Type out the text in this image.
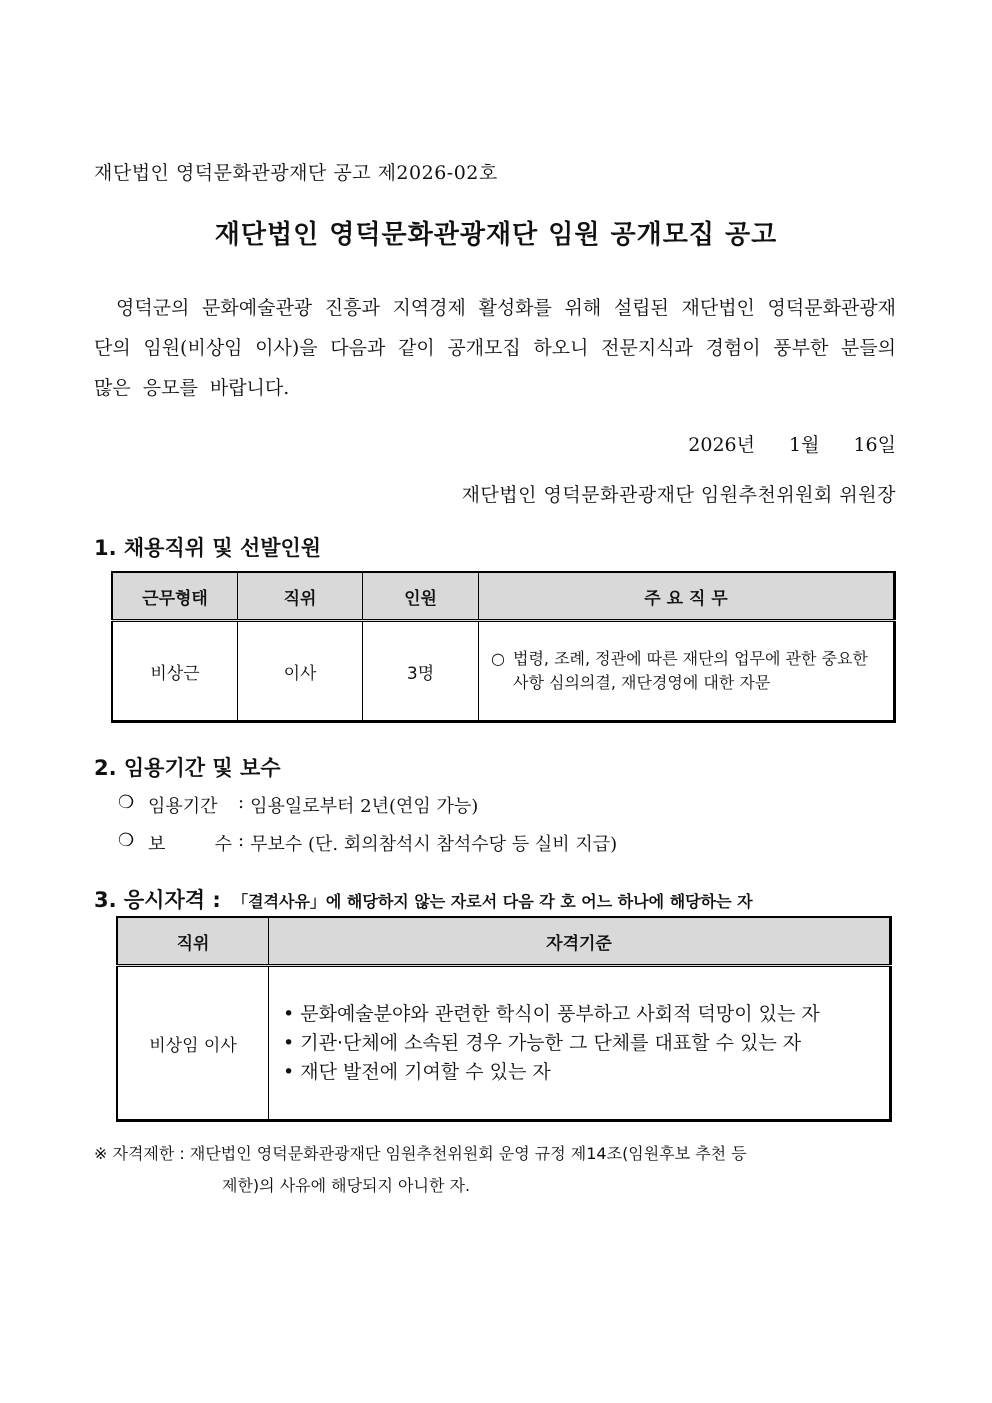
재단법인 영덕문화관광재단 공고 제2026-02호
재단법인 영덕문화관광재단 임원 공개모집 공고
영덕군의 문화예술관광 진흥과 지역경제 활성화를 위해 설립된 재단법인 영덕문화관광재단의 임원(비상임 이사)을 다음과 같이 공개모집 하오니 전문지식과 경험이 풍부한 분들의 많은 응모를 바랍니다.
2026년 1월 16일
재단법인 영덕문화관광재단 임원추천위원회 위원장
1. 채용직위 및 선발인원
근무형태	직위	인원	주 요 직 무
비상근	이사	3명	○ 법령, 조례, 정관에 따른 재단의 업무에 관한 중요한 사항 심의의결, 재단경영에 대한 자문
2. 임용기간 및 보수
❍ 임용기간	: 임용일로부터 2년(연임 가능)
❍ 보	수 : 무보수 (단. 회의참석시 참석수당 등 실비 지급)
3. 응시자격 : 「결격사유」에 해당하지 않는 자로서 다음 각 호 어느 하나에 해당하는 자
직위	자격기준
비상임 이사	• 문화예술분야와 관련한 학식이 풍부하고 사회적 덕망이 있는 자
• 기관·단체에 소속된 경우 가능한 그 단체를 대표할 수 있는 자
• 재단 발전에 기여할 수 있는 자
※ 자격제한 : 재단법인 영덕문화관광재단 임원추천위원회 운영 규정 제14조(임원후보 추천 등
제한)의 사유에 해당되지 아니한 자.
